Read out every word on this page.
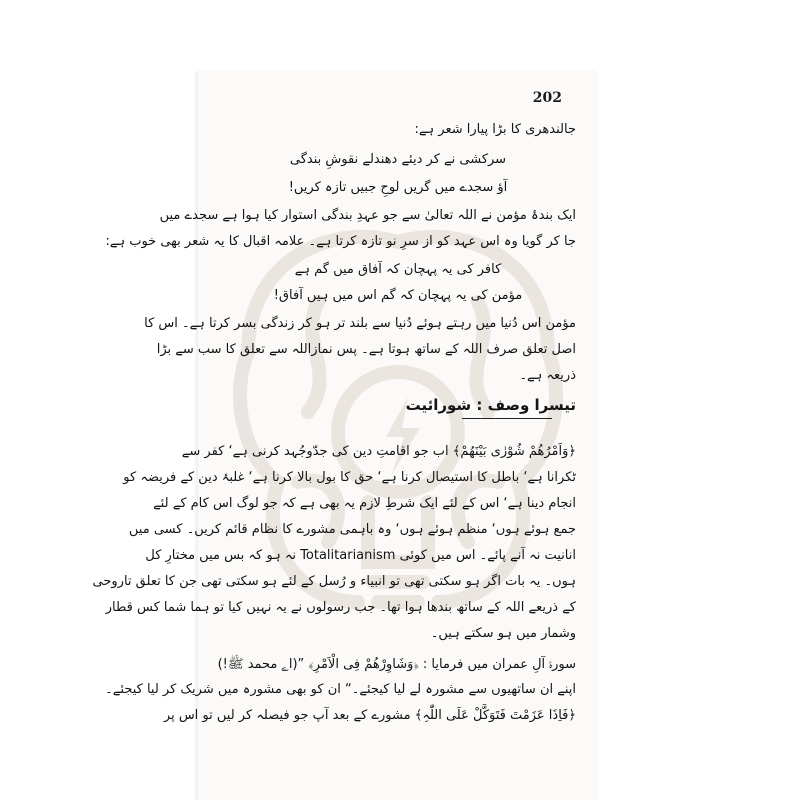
202
جالندھری کا بڑا پیارا شعر ہے:
سرکشی نے کر دیئے دھندلے نقوشِ بندگی
آؤ سجدے میں گریں لوحِ جبیں تازہ کریں!
ایک بندۂ مؤمن نے اللہ تعالیٰ سے جو عہدِ بندگی استوار کیا ہوا ہے سجدے میں
جا کر گویا وہ اس عہد کو از سرِ نو تازہ کرتا ہے۔ علامہ اقبال کا یہ شعر بھی خوب ہے:
کافر کی یہ پہچان کہ آفاق میں گم ہے
مؤمن کی یہ پہچان کہ گم اس میں ہیں آفاق!
مؤمن اس دُنیا میں رہتے ہوئے دُنیا سے بلند تر ہو کر زندگی بسر کرتا ہے۔ اس کا
اصل تعلق صرف اللہ کے ساتھ ہوتا ہے۔ پس نمازاللہ سے تعلق کا سب سے بڑا
ذریعہ ہے۔
تیسرا وصف : شورائیت
﴿وَاَمْرُھُمْ شُوْرٰی بَیْنَھُمْ﴾ اب جو اقامتِ دین کی جدّوجُہد کرنی ہے‘ کفر سے
ٹکرانا ہے‘ باطل کا استیصال کرنا ہے‘ حق کا بول بالا کرنا ہے‘ غلبۂ دین کے فریضہ کو
انجام دینا ہے‘ اس کے لئے ایک شرطِ لازم یہ بھی ہے کہ جو لوگ اس کام کے لئے
جمع ہوئے ہوں‘ منظم ہوئے ہوں‘ وہ باہمی مشورے کا نظام قائم کریں۔ کسی میں
انانیت نہ آنے پائے۔ اس میں کوئی Totalitarianism نہ ہو کہ بس میں مختارِ کل
ہوں۔ یہ بات اگر ہو سکتی تھی تو انبیاء و رُسل کے لئے ہو سکتی تھی جن کا تعلق تاروحی
کے ذریعے اللہ کے ساتھ بندھا ہوا تھا۔ جب رسولوں نے یہ نہیں کیا تو ہما شما کس قطار
وشمار میں ہو سکتے ہیں۔
سورۂ آلِ عمران میں فرمایا : ﴿وَشَاوِرْھُمْ فِی الْاَمْرِ﴾ ”(اے محمد ﷺ!)
اپنے ان ساتھیوں سے مشورہ لے لیا کیجئے۔“ ان کو بھی مشورہ میں شریک کر لیا کیجئے۔
﴿فَاِذَا عَزَمْتَ فَتَوَکَّلْ عَلَی اللّٰہِ﴾ مشورے کے بعد آپ جو فیصلہ کر لیں تو اس پر
